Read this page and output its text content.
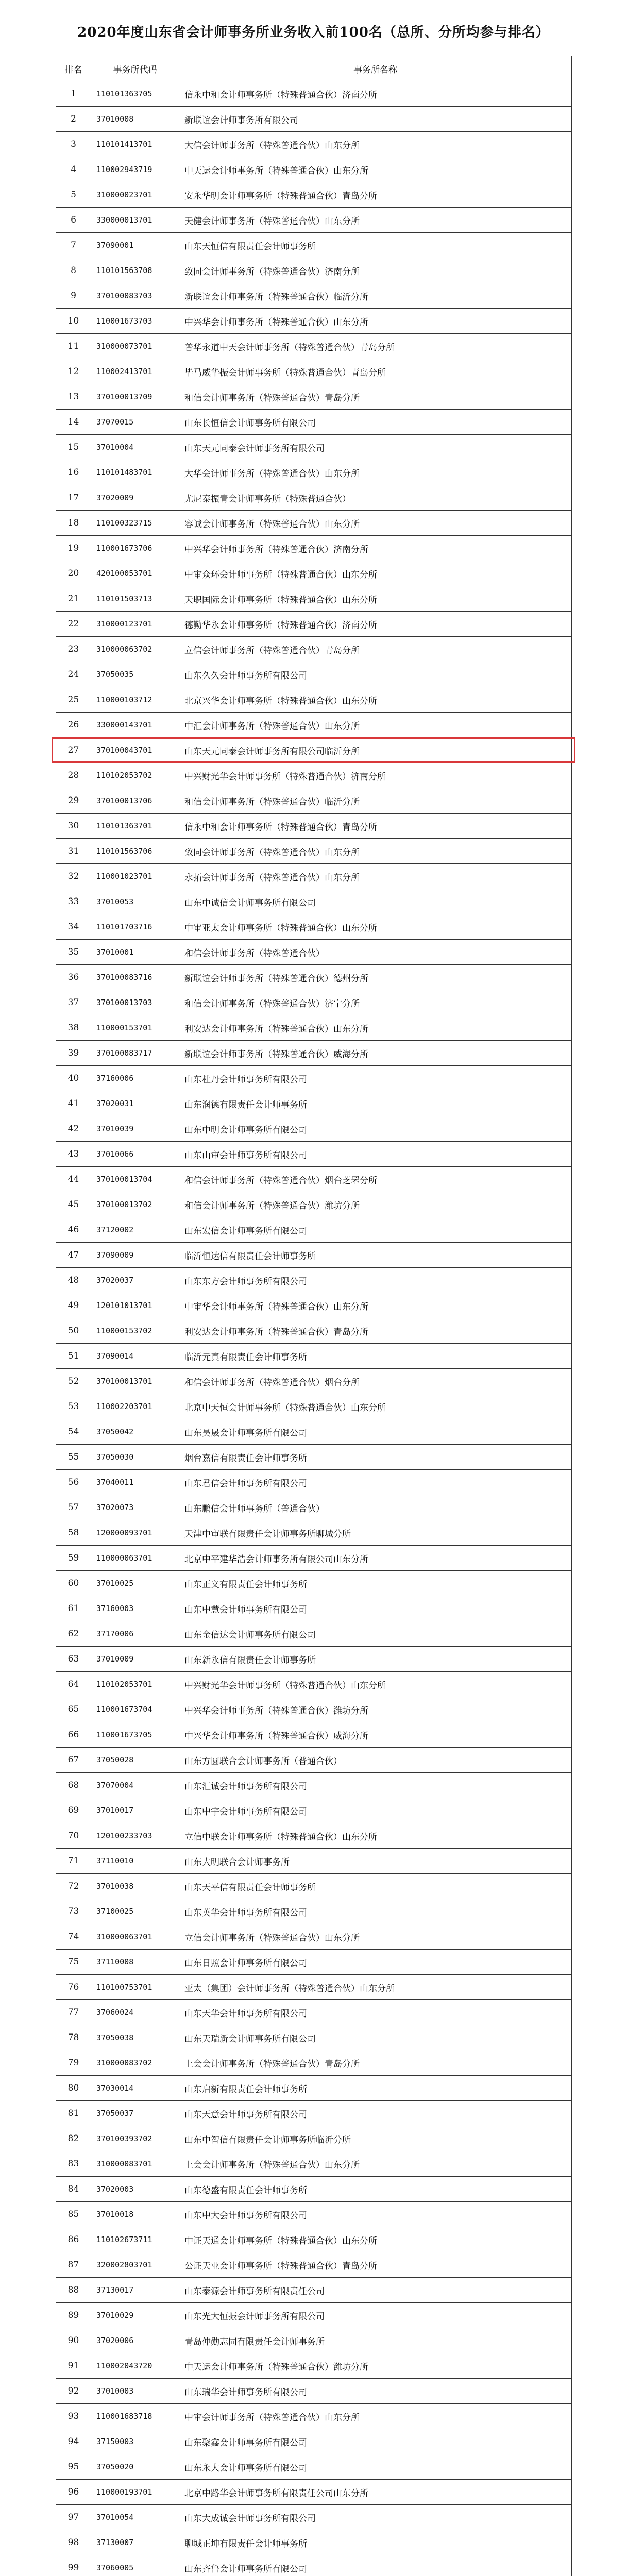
2020年度山东省会计师事务所业务收入前100名（总所、分所均参与排名）
排名	事务所代码	事务所名称
1	110101363705	信永中和会计师事务所（特殊普通合伙）济南分所
2	37010008	新联谊会计师事务所有限公司
3	110101413701	大信会计师事务所（特殊普通合伙）山东分所
4	110002943719	中天运会计师事务所（特殊普通合伙）山东分所
5	310000023701	安永华明会计师事务所（特殊普通合伙）青岛分所
6	330000013701	天健会计师事务所（特殊普通合伙）山东分所
7	37090001	山东天恒信有限责任会计师事务所
8	110101563708	致同会计师事务所（特殊普通合伙）济南分所
9	370100083703	新联谊会计师事务所（特殊普通合伙）临沂分所
10	110001673703	中兴华会计师事务所（特殊普通合伙）山东分所
11	310000073701	普华永道中天会计师事务所（特殊普通合伙）青岛分所
12	110002413701	毕马威华振会计师事务所（特殊普通合伙）青岛分所
13	370100013709	和信会计师事务所（特殊普通合伙）青岛分所
14	37070015	山东长恒信会计师事务所有限公司
15	37010004	山东天元同泰会计师事务所有限公司
16	110101483701	大华会计师事务所（特殊普通合伙）山东分所
17	37020009	尤尼泰振青会计师事务所（特殊普通合伙）
18	110100323715	容诚会计师事务所（特殊普通合伙）山东分所
19	110001673706	中兴华会计师事务所（特殊普通合伙）济南分所
20	420100053701	中审众环会计师事务所（特殊普通合伙）山东分所
21	110101503713	天职国际会计师事务所（特殊普通合伙）山东分所
22	310000123701	德勤华永会计师事务所（特殊普通合伙）济南分所
23	310000063702	立信会计师事务所（特殊普通合伙）青岛分所
24	37050035	山东久久会计师事务所有限公司
25	110000103712	北京兴华会计师事务所（特殊普通合伙）山东分所
26	330000143701	中汇会计师事务所（特殊普通合伙）山东分所
27	370100043701	山东天元同泰会计师事务所有限公司临沂分所
28	110102053702	中兴财光华会计师事务所（特殊普通合伙）济南分所
29	370100013706	和信会计师事务所（特殊普通合伙）临沂分所
30	110101363701	信永中和会计师事务所（特殊普通合伙）青岛分所
31	110101563706	致同会计师事务所（特殊普通合伙）山东分所
32	110001023701	永拓会计师事务所（特殊普通合伙）山东分所
33	37010053	山东中诚信会计师事务所有限公司
34	110101703716	中审亚太会计师事务所（特殊普通合伙）山东分所
35	37010001	和信会计师事务所（特殊普通合伙）
36	370100083716	新联谊会计师事务所（特殊普通合伙）德州分所
37	370100013703	和信会计师事务所（特殊普通合伙）济宁分所
38	110000153701	利安达会计师事务所（特殊普通合伙）山东分所
39	370100083717	新联谊会计师事务所（特殊普通合伙）威海分所
40	37160006	山东杜丹会计师事务所有限公司
41	37020031	山东润德有限责任会计师事务所
42	37010039	山东中明会计师事务所有限公司
43	37010066	山东山审会计师事务所有限公司
44	370100013704	和信会计师事务所（特殊普通合伙）烟台芝罘分所
45	370100013702	和信会计师事务所（特殊普通合伙）潍坊分所
46	37120002	山东宏信会计师事务所有限公司
47	37090009	临沂恒达信有限责任会计师事务所
48	37020037	山东东方会计师事务所有限公司
49	120101013701	中审华会计师事务所（特殊普通合伙）山东分所
50	110000153702	利安达会计师事务所（特殊普通合伙）青岛分所
51	37090014	临沂元真有限责任会计师事务所
52	370100013701	和信会计师事务所（特殊普通合伙）烟台分所
53	110002203701	北京中天恒会计师事务所（特殊普通合伙）山东分所
54	37050042	山东昊晟会计师事务所有限公司
55	37050030	烟台嘉信有限责任会计师事务所
56	37040011	山东君信会计师事务所有限公司
57	37020073	山东鹏信会计师事务所（普通合伙）
58	120000093701	天津中审联有限责任会计师事务所聊城分所
59	110000063701	北京中平建华浩会计师事务所有限公司山东分所
60	37010025	山东正义有限责任会计师事务所
61	37160003	山东中慧会计师事务所有限公司
62	37170006	山东金信达会计师事务所有限公司
63	37010009	山东新永信有限责任会计师事务所
64	110102053701	中兴财光华会计师事务所（特殊普通合伙）山东分所
65	110001673704	中兴华会计师事务所（特殊普通合伙）潍坊分所
66	110001673705	中兴华会计师事务所（特殊普通合伙）威海分所
67	37050028	山东方圆联合会计师事务所（普通合伙）
68	37070004	山东汇诚会计师事务所有限公司
69	37010017	山东中宇会计师事务所有限公司
70	120100233703	立信中联会计师事务所（特殊普通合伙）山东分所
71	37110010	山东大明联合会计师事务所
72	37010038	山东天平信有限责任会计师事务所
73	37100025	山东英华会计师事务所有限公司
74	310000063701	立信会计师事务所（特殊普通合伙）山东分所
75	37110008	山东日照会计师事务所有限公司
76	110100753701	亚太（集团）会计师事务所（特殊普通合伙）山东分所
77	37060024	山东天华会计师事务所有限公司
78	37050038	山东天瑞新会计师事务所有限公司
79	310000083702	上会会计师事务所（特殊普通合伙）青岛分所
80	37030014	山东启新有限责任会计师事务所
81	37050037	山东天意会计师事务所有限公司
82	370100393702	山东中智信有限责任会计师事务所临沂分所
83	310000083701	上会会计师事务所（特殊普通合伙）山东分所
84	37020003	山东德盛有限责任会计师事务所
85	37010018	山东中大会计师事务所有限公司
86	110102673711	中证天通会计师事务所（特殊普通合伙）山东分所
87	320002803701	公证天业会计师事务所（特殊普通合伙）青岛分所
88	37130017	山东泰源会计师事务所有限责任公司
89	37010029	山东光大恒振会计师事务所有限公司
90	37020006	青岛仲勋志同有限责任会计师事务所
91	110002043720	中天运会计师事务所（特殊普通合伙）潍坊分所
92	37010003	山东瑞华会计师事务所有限公司
93	110001683718	中审会计师事务所（特殊普通合伙）山东分所
94	37150003	山东聚鑫会计师事务所有限公司
95	37050020	山东永大会计师事务所有限公司
96	110000193701	北京中路华会计师事务所有限责任公司山东分所
97	37010054	山东大成诚会计师事务所有限公司
98	37130007	聊城正坤有限责任会计师事务所
99	37060005	山东齐鲁会计师事务所有限公司
